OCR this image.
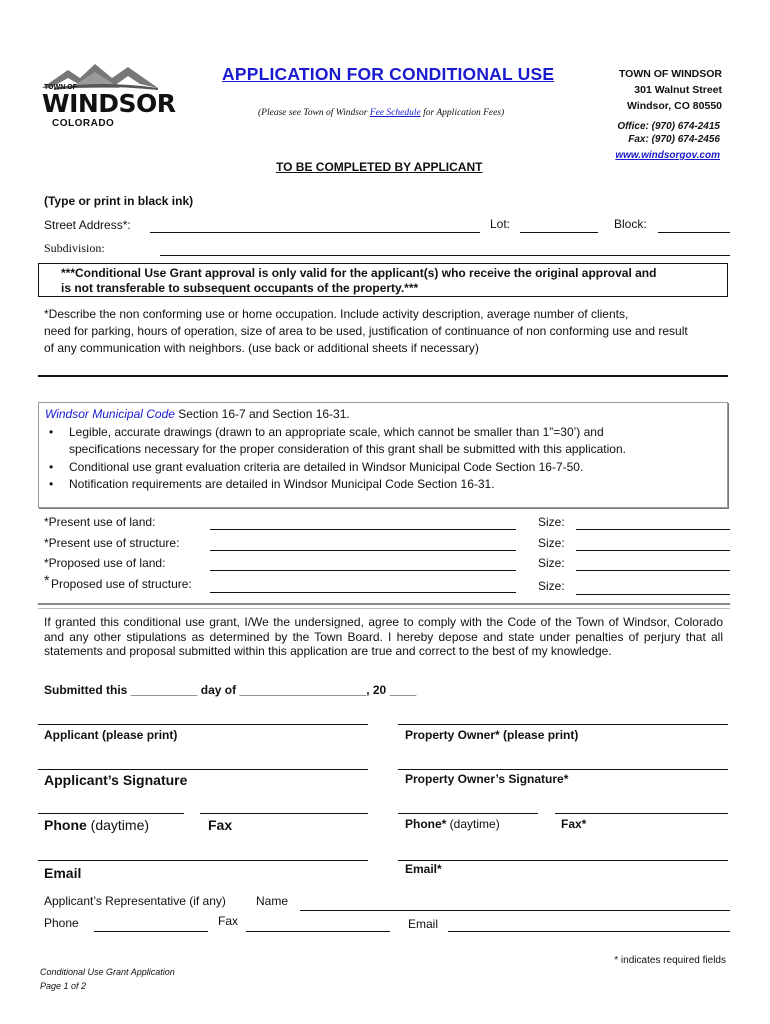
TOWN OF
WINDSOR
COLORADO
APPLICATION FOR CONDITIONAL USE
(Please see Town of Windsor Fee Schedule for Application Fees)
TOWN OF WINDSOR
301 Walnut Street
Windsor, CO 80550
Office: (970) 674-2415
Fax: (970) 674-2456
www.windsorgov.com
TO BE COMPLETED BY APPLICANT
(Type or print in black ink)
Street Address*:	Lot:	Block:
Subdivision:
***Conditional Use Grant approval is only valid for the applicant(s) who receive the original approval and
is not transferable to subsequent occupants of the property.***
*Describe the non conforming use or home occupation. Include activity description, average number of clients,
need for parking, hours of operation, size of area to be used, justification of continuance of non conforming use and result
of any communication with neighbors. (use back or additional sheets if necessary)
Windsor Municipal Code Section 16-7 and Section 16-31.
• Legible, accurate drawings (drawn to an appropriate scale, which cannot be smaller than 1”=30’) and
specifications necessary for the proper consideration of this grant shall be submitted with this application.
• Conditional use grant evaluation criteria are detailed in Windsor Municipal Code Section 16-7-50.
• Notification requirements are detailed in Windsor Municipal Code Section 16-31.
*Present use of land:	Size:
*Present use of structure:	Size:
*Proposed use of land:	Size:
* Proposed use of structure:	Size:
If granted this conditional use grant, I/We the undersigned, agree to comply with the Code of the Town of Windsor, Colorado and any other stipulations as determined by the Town Board. I hereby depose and state under penalties of perjury that all statements and proposal submitted within this application are true and correct to the best of my knowledge.
Submitted this __________ day of ___________________, 20 ____
Applicant (please print)	Property Owner* (please print)
Applicant’s Signature	Property Owner’s Signature*
Phone (daytime)	Fax	Phone* (daytime)	Fax*
Email	Email*
Applicant’s Representative (if any)	Name
Phone	Fax	Email
* indicates required fields
Conditional Use Grant Application
Page 1 of 2
